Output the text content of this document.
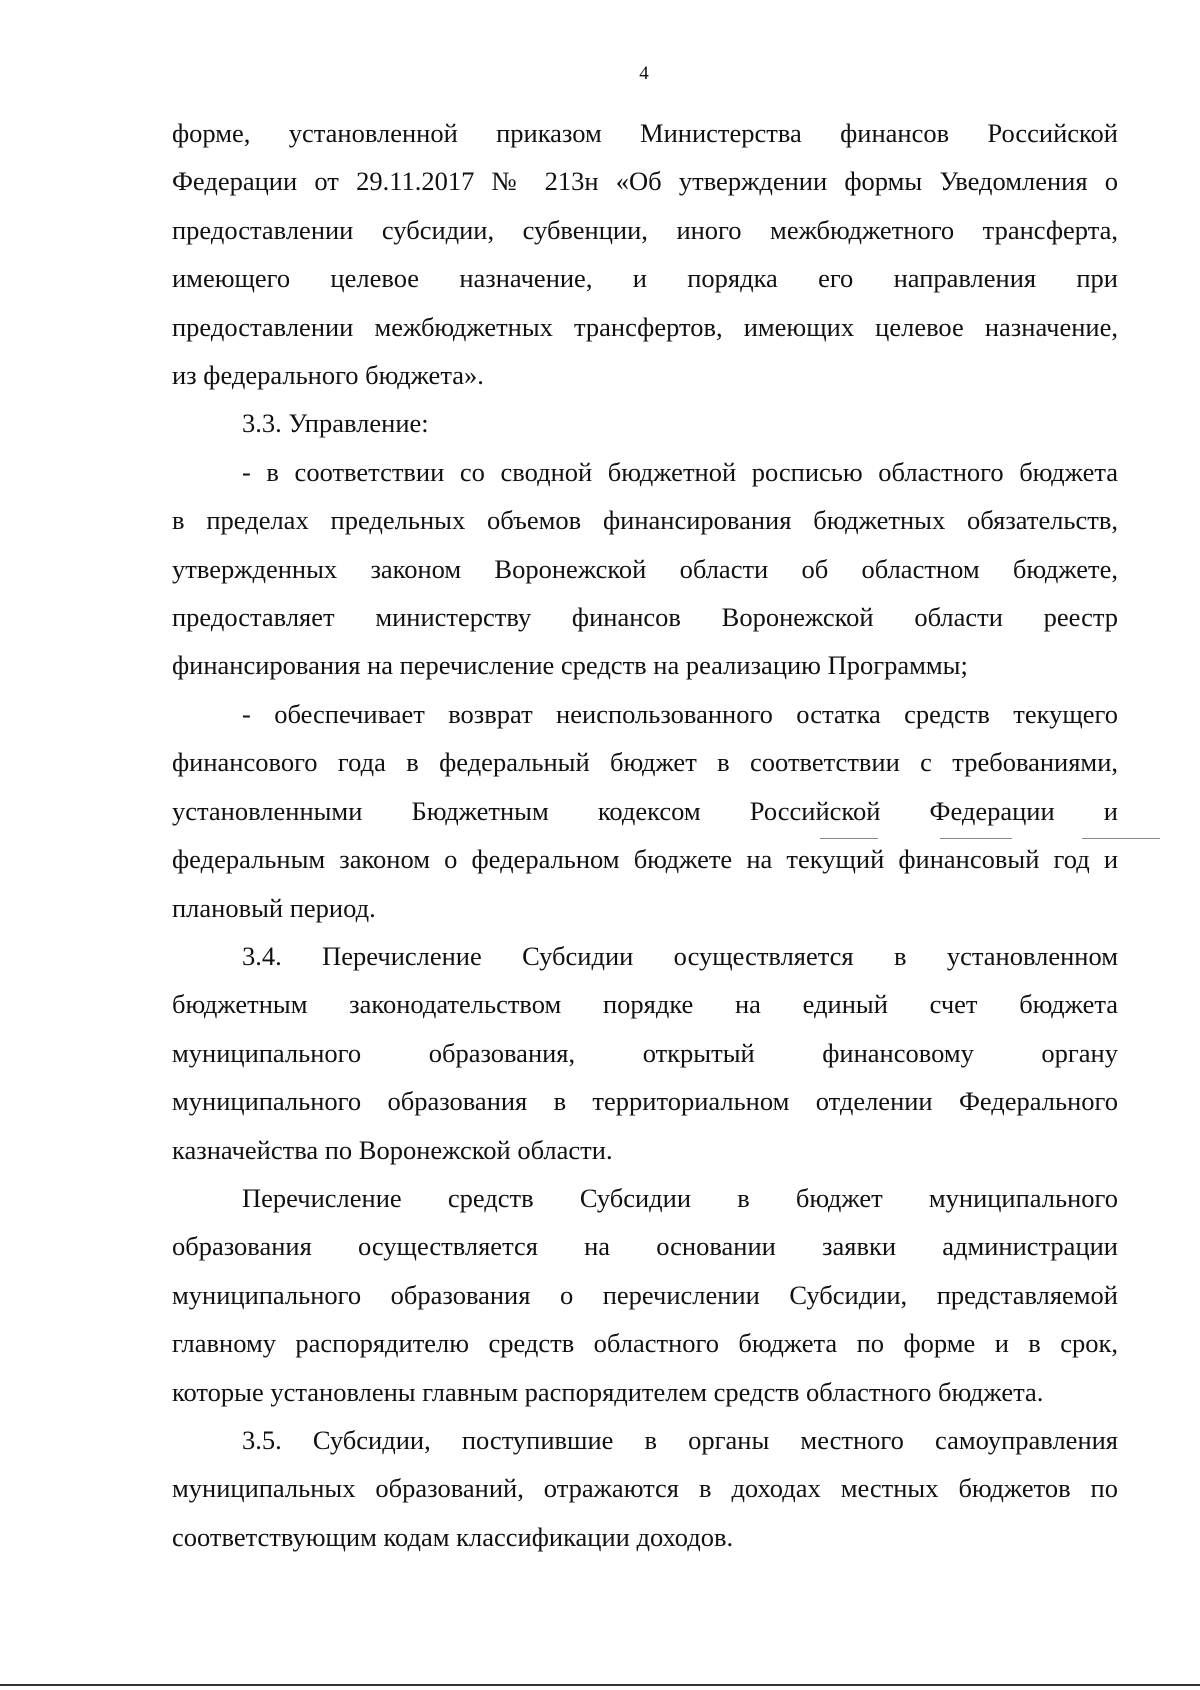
4
форме, установленной приказом Министерства финансов Российской
Федерации от 29.11.2017 № 213н «Об утверждении формы Уведомления о
предоставлении субсидии, субвенции, иного межбюджетного трансферта,
имеющего целевое назначение, и порядка его направления при
предоставлении межбюджетных трансфертов, имеющих целевое назначение,
из федерального бюджета».
3.3. Управление:
- в соответствии со сводной бюджетной росписью областного бюджета
в пределах предельных объемов финансирования бюджетных обязательств,
утвержденных законом Воронежской области об областном бюджете,
предоставляет министерству финансов Воронежской области реестр
финансирования на перечисление средств на реализацию Программы;
- обеспечивает возврат неиспользованного остатка средств текущего
финансового года в федеральный бюджет в соответствии с требованиями,
установленными Бюджетным кодексом Российской Федерации и
федеральным законом о федеральном бюджете на текущий финансовый год и
плановый период.
3.4. Перечисление Субсидии осуществляется в установленном
бюджетным законодательством порядке на единый счет бюджета
муниципального образования, открытый финансовому органу
муниципального образования в территориальном отделении Федерального
казначейства по Воронежской области.
Перечисление средств Субсидии в бюджет муниципального
образования осуществляется на основании заявки администрации
муниципального образования о перечислении Субсидии, представляемой
главному распорядителю средств областного бюджета по форме и в срок,
которые установлены главным распорядителем средств областного бюджета.
3.5. Субсидии, поступившие в органы местного самоуправления
муниципальных образований, отражаются в доходах местных бюджетов по
соответствующим кодам классификации доходов.
